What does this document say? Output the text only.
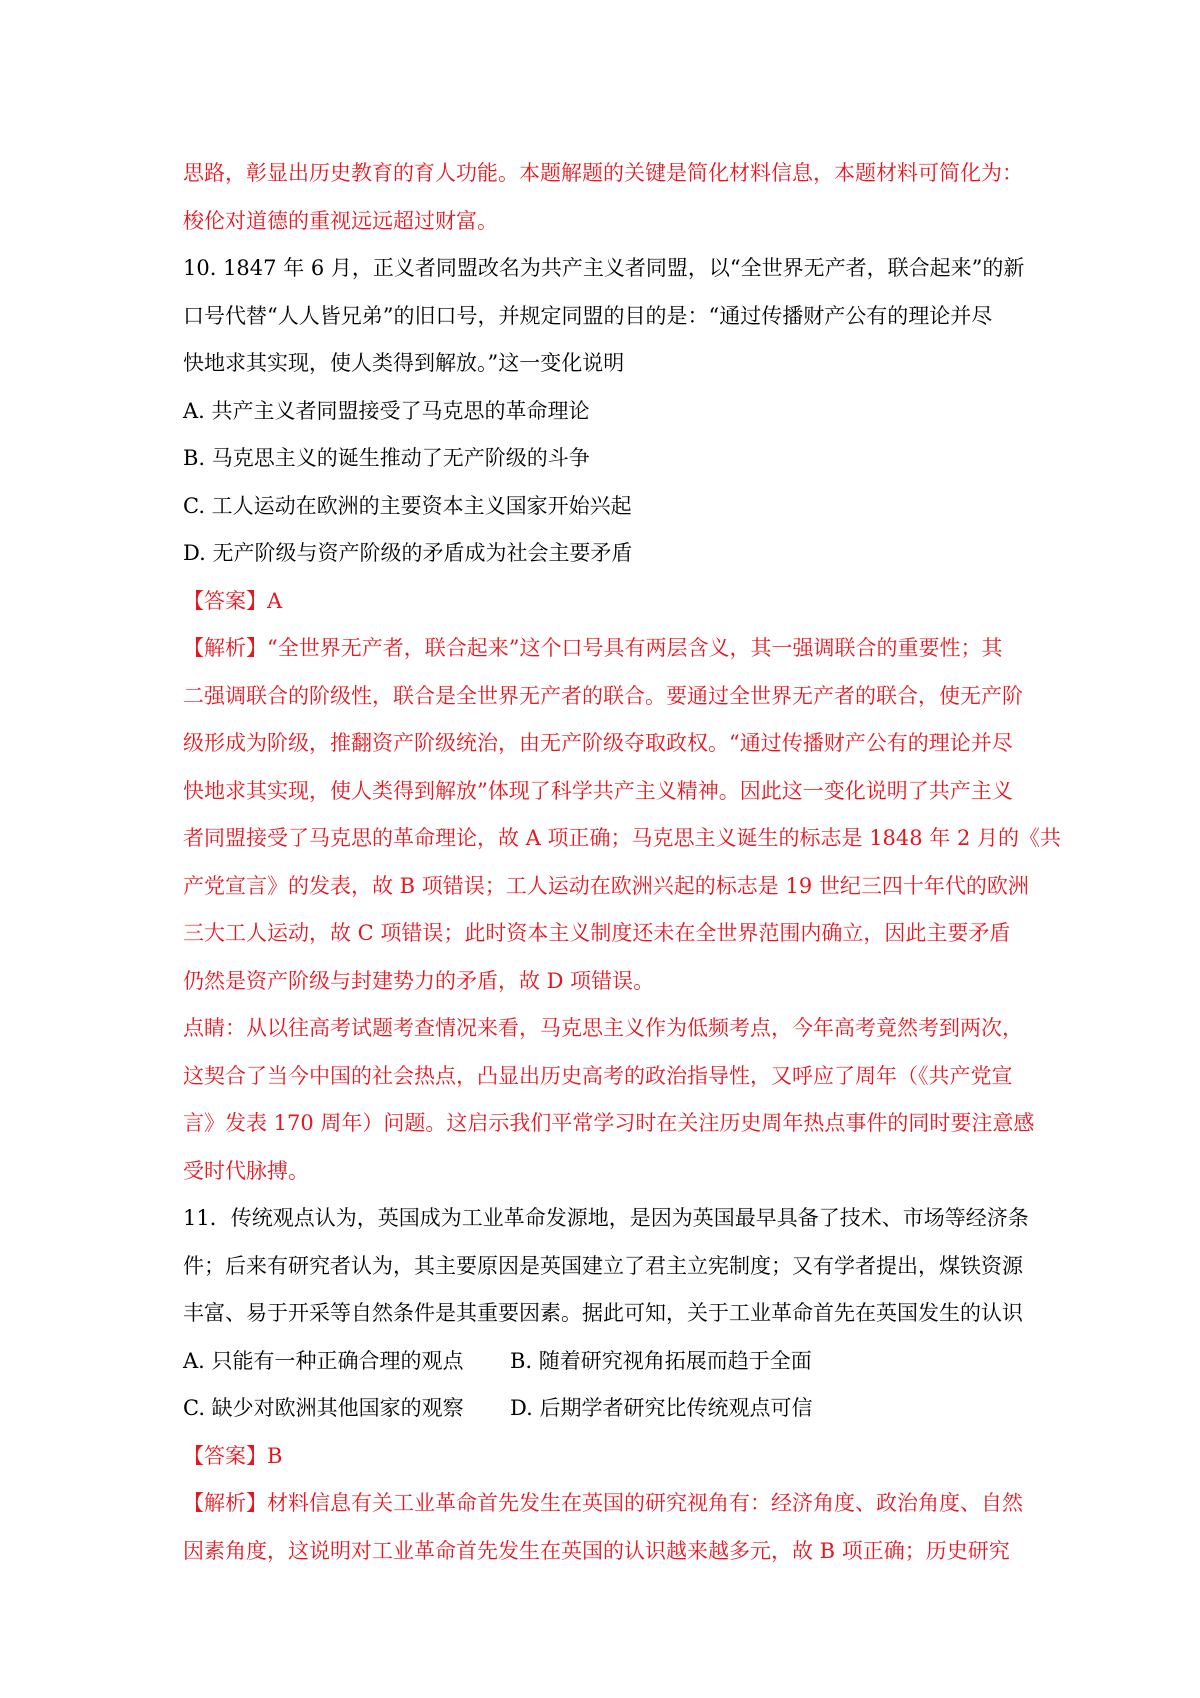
思路，彰显出历史教育的育人功能。本题解题的关键是简化材料信息，本题材料可简化为：
梭伦对道德的重视远远超过财富。
10. 1847 年 6 月，正义者同盟改名为共产主义者同盟，以“全世界无产者，联合起来”的新
口号代替“人人皆兄弟”的旧口号，并规定同盟的目的是：“通过传播财产公有的理论并尽
快地求其实现，使人类得到解放。”这一变化说明
A. 共产主义者同盟接受了马克思的革命理论
B. 马克思主义的诞生推动了无产阶级的斗争
C. 工人运动在欧洲的主要资本主义国家开始兴起
D. 无产阶级与资产阶级的矛盾成为社会主要矛盾
【答案】A
【解析】“全世界无产者，联合起来”这个口号具有两层含义，其一强调联合的重要性；其
二强调联合的阶级性，联合是全世界无产者的联合。要通过全世界无产者的联合，使无产阶
级形成为阶级，推翻资产阶级统治，由无产阶级夺取政权。“通过传播财产公有的理论并尽
快地求其实现，使人类得到解放”体现了科学共产主义精神。因此这一变化说明了共产主义
者同盟接受了马克思的革命理论，故 A 项正确；马克思主义诞生的标志是 1848 年 2 月的《共
产党宣言》的发表，故 B 项错误；工人运动在欧洲兴起的标志是 19 世纪三四十年代的欧洲
三大工人运动，故 C 项错误；此时资本主义制度还未在全世界范围内确立，因此主要矛盾
仍然是资产阶级与封建势力的矛盾，故 D 项错误。
点睛：从以往高考试题考查情况来看，马克思主义作为低频考点，今年高考竟然考到两次，
这契合了当今中国的社会热点，凸显出历史高考的政治指导性，又呼应了周年（《共产党宣
言》发表 170 周年）问题。这启示我们平常学习时在关注历史周年热点事件的同时要注意感
受时代脉搏。
11．传统观点认为，英国成为工业革命发源地，是因为英国最早具备了技术、市场等经济条
件；后来有研究者认为，其主要原因是英国建立了君主立宪制度；又有学者提出，煤铁资源
丰富、易于开采等自然条件是其重要因素。据此可知，关于工业革命首先在英国发生的认识
A. 只能有一种正确合理的观点	B. 随着研究视角拓展而趋于全面
C. 缺少对欧洲其他国家的观察	D. 后期学者研究比传统观点可信
【答案】B
【解析】材料信息有关工业革命首先发生在英国的研究视角有：经济角度、政治角度、自然
因素角度，这说明对工业革命首先发生在英国的认识越来越多元，故 B 项正确；历史研究
